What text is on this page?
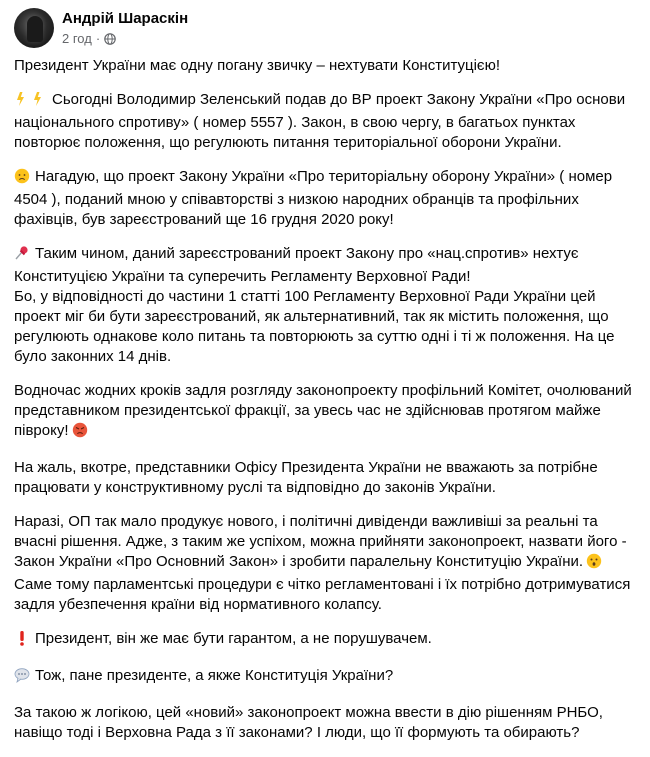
Андрій Шараскін
2 год ·

Президент України має одну погану звичку – нехтувати Конституцією!

Сьогодні Володимир Зеленський подав до ВР проект Закону України «Про основи національного спротиву» ( номер 5557 ). Закон, в свою чергу, в багатьох пунктах повторює положення, що регулюють питання територіальної оборони України.

Нагадую, що проект Закону України «Про територіальну оборону України» ( номер 4504 ), поданий мною у співавторстві з низкою народних обранців та профільних фахівців, був зареєстрований ще 16 грудня 2020 року!

Таким чином, даний зареєстрований проект Закону про «нац.спротив» нехтує Конституцією України та суперечить Регламенту Верховної Ради!

Бо, у відповідності до частини 1 статті 100 Регламенту Верховної Ради України цей проект міг би бути зареєстрований, як альтернативний, так як містить положення, що регулюють однакове коло питань та повторюють за суттю одні і ті ж положення. На це було законних 14 днів.

Водночас жодних кроків задля розгляду законопроекту профільний Комітет, очолюваний представником президентської фракції, за увесь час не здійснював протягом майже півроку!

На жаль, вкотре, представники Офісу Президента України не вважають за потрібне працювати у конструктивному руслі та відповідно до законів України.

Наразі, ОП так мало продукує нового, і політичні дивіденди важливіші за реальні та вчасні рішення. Адже, з таким же успіхом, можна прийняти законопроект, назвати його - Закон України «Про Основний Закон» і зробити паралельну Конституцію України.

Саме тому парламентські процедури є чітко регламентовані і їх потрібно дотримуватися задля убезпечення країни від нормативного колапсу.

Президент, він же має бути гарантом, а не порушувачем.

Тож, пане президенте, а якже Конституція України?

За такою ж логікою, цей «новий» законопроект можна ввести в дію рішенням РНБО, навіщо тоді і Верховна Рада з її законами? І люди, що її формують та обирають?
